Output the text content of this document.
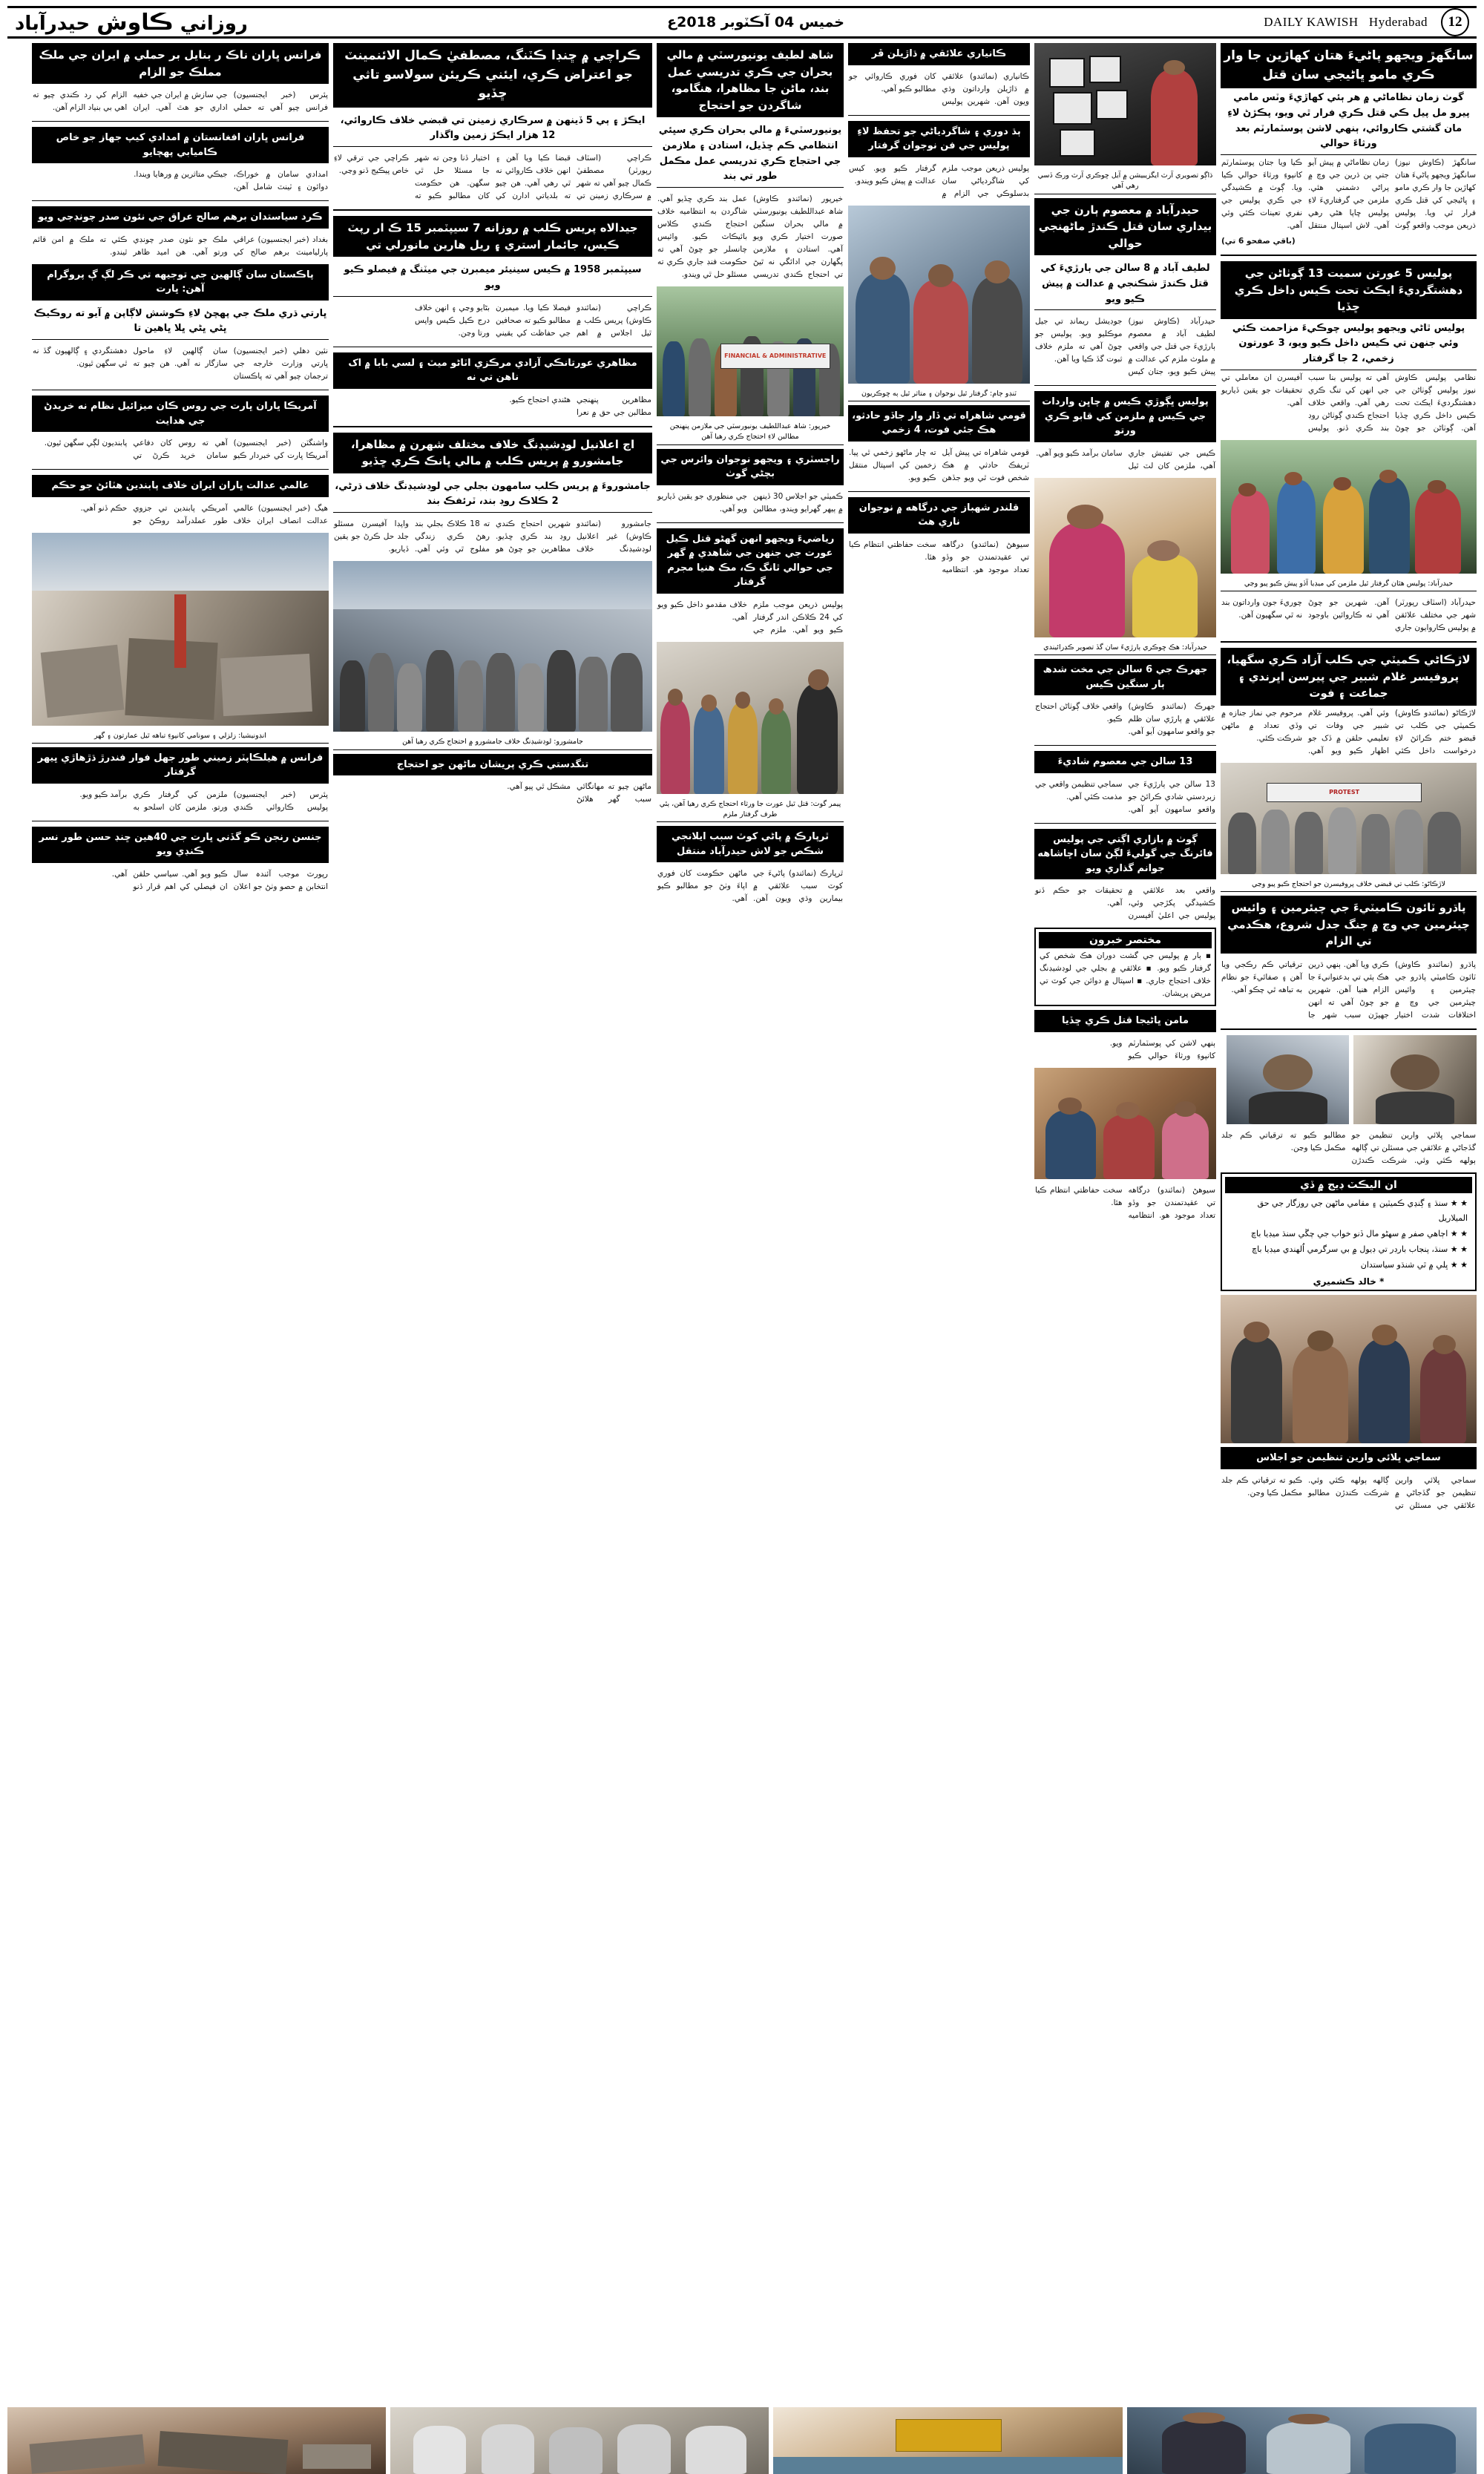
12
DAILY KAWISH Hyderabad
خميس 04 آڪٽوبر 2018ع
روزاني ڪاوش حيدرآباد
سانگهڙ ويجهو پاڻيءَ هتان کهاڙين جا وار ڪري مامو ڀاڻيجي سان قتل
گوٺ زمان نظاماڻي ۾ هر ٻئي کهاڙيءَ وٽس مامي پيرو مل پيل ڪي قتل ڪري فرار ٿي ويو، پڪڙڻ لاءِ مان گشتي ڪاروائي، ٻنهي لاشن پوسٽمارٽم بعد ورثاءَ حوالي
سانگهڙ (ڪاوش نيوز) سانگهڙ ويجهو پاڻيءَ هتان کهاڙين جا وار ڪري مامو ۽ ڀاڻيجي کي قتل ڪري فرار ٿي ويا. پوليس ذريعن موجب واقعو ڳوٺ زمان نظاماڻي ۾ پيش آيو جتي ٻن ڌرين جي وچ ۾ پراڻي دشمني هئي. ملزمن جي گرفتاريءَ لاءِ پوليس ڇاپا هڻي رهي آهي. لاش اسپتال منتقل ڪيا ويا جتان پوسٽمارٽم کانپوءِ ورثاءَ حوالي ڪيا ويا. ڳوٺ ۾ ڪشيدگي جي ڪري پوليس جي نفري تعينات ڪئي وئي آهي.
(باقي صفحو 6 تي)
پوليس 5 عورتن سميت 13 ڳوٺاڻن جي دهشتگرديءَ ايڪٽ تحت ڪيس داخل ڪري ڇڏيا
پوليس ٿاڻي ويجهو پوليس چوڪيءَ مزاحمت ڪئي وئي جنهن تي ڪيس داخل ڪيو ويو، 3 عورتون زخمي، 2 جا گرفتار
نظامي پوليس ڪاوش نيوز پوليس ڳوٺاڻن جي دهشتگرديءَ ايڪٽ تحت ڪيس داخل ڪري ڇڏيا آهن. ڳوٺاڻن جو چوڻ آهي ته پوليس بنا سبب جي انهن کي تنگ ڪري رهي آهي. واقعي خلاف احتجاج ڪندي ڳوٺاڻن روڊ بند ڪري ڏنو. پوليس آفيسرن ان معاملي تي تحقيقات جو يقين ڏياريو آهي.
حيدرآباد: پوليس هٿان گرفتار ٿيل ملزمن کي ميڊيا آڏو پيش ڪيو پيو وڃي
حيدرآباد (اسٽاف رپورٽر) شهر جي مختلف علائقن ۾ پوليس ڪاروايون جاري آهن. شهرين جو چوڻ آهي ته ڪاروائين باوجود چوريءَ جون وارداتون بند نه ٿي سگهيون آهن.
لاڙڪاڻي ڪميٽي جي ڪلب آزاد ڪري سگهيا، پروفيسر غلام شبير جي پيرسن اڀرندي ۽ جماعت ۽ فوت
لاڙڪاڻو (نمائندو ڪاوش) ڪميٽي جي ڪلب تي قبضو ختم ڪرائڻ لاءِ درخواست داخل ڪئي وئي آهي. پروفيسر غلام شبير جي وفات تي تعليمي حلقن ۾ ڏک جو اظهار ڪيو ويو آهي. مرحوم جي نماز جنازه ۾ وڏي تعداد ۾ ماڻهن شرڪت ڪئي.
PROTEST
لاڙڪاڻو: ڪلب تي قبضي خلاف پروفيسرن جو احتجاج ڪيو پيو وڃي
پاڌرو ٽائون ڪاميٽيءَ جي چيئرمين ۽ وائيس چيئرمين جي وچ ۾ جنگ جدل شروع، هڪدمي تي الزام
پاڌرو (نمائندو ڪاوش) ٽائون ڪاميٽي پاڌرو جي چيئرمين ۽ وائيس چيئرمين جي وچ ۾ اختلافات شدت اختيار ڪري ويا آهن. ٻنهي ڌرين هڪ ٻئي تي بدعنوانيءَ جا الزام هنيا آهن. شهرين جو چوڻ آهي ته انهن جھيڙن سبب شهر جا ترقياتي ڪم رڪجي ويا آهن ۽ صفائيءَ جو نظام به تباهه ٿي چڪو آهي.
سماجي ڀلائي وارين تنظيمن جو گڏجاڻي ۾ علائقي جي مسئلن تي ڳالهه ٻولهه ڪئي وئي. شرڪت ڪندڙن مطالبو ڪيو ته ترقياتي ڪم جلد مڪمل ڪيا وڃن.
ان اليڪٽ ڊيج ۾ ڏي
★ ★ سنڌ ۽ ڳنڍي ڪميٽين ۽ مقامي ماڻهن جي روزگار جي حق الميلاريل
★ ★ اڄاهي صفر ۾ سهڻو مال ڏنو خواب جي چڱي سنڌ ميڊيا باڇ
★ ★ سنڌ، پنجاب بارڊر تي ڊيول ۾ بي سرگرمي اُلهندي ميڊيا باڇ
★ ★ ڀلي ۾ ٿي شنڌو سياستدان
* خالد ڪشميري
سماجي ڀلائي وارين تنظيمن جو اجلاس
سماجي ڀلائي وارين تنظيمن جو گڏجاڻي ۾ علائقي جي مسئلن تي ڳالهه ٻولهه ڪئي وئي. شرڪت ڪندڙن مطالبو ڪيو ته ترقياتي ڪم جلد مڪمل ڪيا وڃن.
ڌاڳو تصويري آرٽ ايگزيبيشن ۾ آيل ڇوڪري آرٽ ورڪ ڏسي رهي آهي
حيدرآباد ۾ معصوم ٻارن جي بيداري سان قتل ڪندڙ ماڻهنجي حوالي
لطيف آباد ۾ 8 سالن جي ٻارڙيءَ کي قتل ڪندڙ شڪنجي ۾ عدالت ۾ پيش ڪيو ويو
حيدرآباد (ڪاوش نيوز) لطيف آباد ۾ معصوم ٻارڙيءَ جي قتل جي واقعي ۾ ملوث ملزم کي عدالت ۾ پيش ڪيو ويو، جتان کيس جوڊيشل ريمانڊ تي جيل موڪليو ويو. پوليس جو چوڻ آهي ته ملزم خلاف ثبوت گڏ ڪيا ويا آهن.
پوليس ڀڳوڙي ڪيس ۾ چاڀن واردات جي ڪيس ۾ ملزمن کي قابو ڪري ورتو
ڪيس جي تفتيش جاري آهي، ملزمن کان لٽ ٿيل سامان برآمد ڪيو ويو آهي.
حيدرآباد: هڪ ڇوڪري ٻارڙيءَ سان گڏ تصوير ڪڍرائيندي
جهرڪ جي 6 سالن جي مخت شدھ ٻار سنگين ڪيس
جهرڪ (نمائندو ڪاوش) علائقي ۾ ٻارڙي سان ظلم جو واقعو سامهون آيو آهي. واقعي خلاف ڳوٺاڻن احتجاج ڪيو.
13 سالن جي معصوم شاديءَ
13 سالن جي ٻارڙيءَ جي زبردستي شادي ڪرائڻ جو واقعو سامهون آيو آهي. سماجي تنظيمن واقعي جي مذمت ڪئي آهي.
ڳوٺ ۾ بازاري اڳتي جي پوليس فائرنگ جي گوليءَ لڳڻ سان اڇاشاهه جوانم گذاري ويو
واقعي بعد علائقي ۾ ڪشيدگي پکڙجي وئي، پوليس جي اعليٰ آفيسرن تحقيقات جو حڪم ڏنو آهي.
مختصر خبرون
▪ ٻار ۾ پوليس جي گشت دوران هڪ شخص کي گرفتار ڪيو ويو. ▪ علائقي ۾ بجلي جي لوڊشيڊنگ خلاف احتجاج جاري. ▪ اسپتال ۾ دوائن جي کوٽ تي مريض پريشان.
مامن ڀاڻيجا قتل ڪري ڇڏيا
ٻنهي لاشن کي پوسٽمارٽم کانپوءِ ورثاءَ حوالي ڪيو ويو.
سيوهڻ (نمائندو) درگاهه تي عقيدتمندن جو وڏو تعداد موجود هو. انتظاميه سخت حفاظتي انتظام ڪيا هئا.
ڪانياري علائقي ۾ ڌاڙيلن ڦر
ڪانياري (نمائندو) علائقي ۾ ڌاڙيلن وارداتون وڌي ويون آهن. شهرين پوليس کان فوري ڪاروائي جو مطالبو ڪيو آهي.
ٻڌ دوري ۽ شاگردياڻي جو تحفظ لاءِ پوليس جي فن نوجوان گرفتار
پوليس ذريعن موجب ملزم کي شاگردياڻي سان بدسلوڪي جي الزام ۾ گرفتار ڪيو ويو. کيس عدالت ۾ پيش ڪيو ويندو.
ٽنڊو ڄام: گرفتار ٿيل نوجوان ۽ متاثر ٿيل ٻه ڇوڪريون
قومي شاهراه تي ڏار وار جاڏو حادثو، هڪ جئي فوت، 4 زخمي
قومي شاهراه تي پيش آيل ٽريفڪ حادثي ۾ هڪ شخص فوت ٿي ويو جڏهن ته چار ماڻهو زخمي ٿي پيا. زخمين کي اسپتال منتقل ڪيو ويو.
قلندر شهباز جي درگاهه ۾ نوجوان ناري هٿ
سيوهڻ (نمائندو) درگاهه تي عقيدتمندن جو وڏو تعداد موجود هو. انتظاميه سخت حفاظتي انتظام ڪيا هئا.
شاھ لطيف يونيورسٽي ۾ مالي بحران جي ڪري تدريسي عمل بند، ماڻن جا مظاهرا، هنگامو، شاگردن جو احتجاج
يونيورسٽيءَ ۾ مالي بحران ڪري سڀئي انتظامي ڪم ڇڏيل، استادن ۽ ملازمن جي احتجاج ڪري تدريسي عمل مڪمل طور تي بند
خيرپور (نمائندو ڪاوش) شاھ عبداللطيف يونيورسٽي ۾ مالي بحران سنگين صورت اختيار ڪري ويو آهي. استادن ۽ ملازمن پگهارن جي ادائگي نه ٿيڻ تي احتجاج ڪندي تدريسي عمل بند ڪري ڇڏيو آهي. شاگردن به انتظاميه خلاف احتجاج ڪندي ڪلاس بائيڪاٽ ڪيو. وائيس چانسلر جو چوڻ آهي ته حڪومت فنڊ جاري ڪري ته مسئلو حل ٿي ويندو.
FINANCIAL & ADMINISTRATIVE
خيرپور: شاھ عبداللطيف يونيورسٽي جي ملازمن پنهنجن مطالبن لاءِ احتجاج ڪري رهيا آهن
راجسٽري ۽ ويجهو نوجوان وائرس جي بچڻي گوٺ
ڪميٽي جو اجلاس 30 ڏينهن ۾ ٻيهر گهرايو ويندو، مطالبن جي منظوري جو يقين ڏياريو ويو آهي.
رياضيءَ ويجهو انهن گهڻو قتل ڪيل عورت جي جنهن جي شاهدي ۾ گهر جي حوالي ٿانگ ڪ، مڪ هنيا مجرم گرفتار
پوليس ذريعن موجب ملزم کي 24 ڪلاڪن اندر گرفتار ڪيو ويو آهي. ملزم جي خلاف مقدمو داخل ڪيو ويو آهي.
پيمر گوٺ: قتل ٿيل عورت جا ورثاء احتجاج ڪري رهيا آهن، ٻئي طرف گرفتار ملزم
ٿرپارڪ ۾ پاڻي کوٽ سبب ايلانجي شڪص جو لاش حيدرآباد منتقل
ٿرپارڪ (نمائندو) پاڻيءَ جي کوٽ سبب علائقي ۾ بيمارين وڌي ويون آهن. ماڻهن حڪومت کان فوري اپاءَ وٺڻ جو مطالبو ڪيو آهي.
ڪراچي ۾ ڇنڊا ڪٽنگ، مصطفيٰ ڪمال الائنمينٽ جو اعتراض ڪري، ايئني ڪريئن سولاسو تاثي ڇڏيو
ايڪڙ ۽ ٻي 5 ڏينهن ۾ سرڪاري زمينن تي قبضي خلاف ڪاروائي، 12 هزار ايڪڙ زمين واگذار
ڪراچي (اسٽاف رپورٽر) مصطفيٰ ڪمال چيو آهي ته شهر ۾ سرڪاري زمينن تي قبضا ڪيا ويا آهن ۽ انهن خلاف ڪاروائي نه ٿي رهي آهي. هن چيو ته بلدياتي ادارن کي اختيار ڏنا وڃن ته شهر جا مسئلا حل ٿي سگهن. هن حڪومت کان مطالبو ڪيو ته ڪراچي جي ترقي لاءِ خاص پيڪيج ڏنو وڃي.
جيدالاه پريس ڪلب ۾ روزانه 7 سيپٽمبر 15 ڪ ار رپٽ ڪيس، جائمار استري ۽ ريل هارين مانورلي تي
سيپٽمبر 1958 ۾ ڪيس سينيئر ميمبرن جي ميٽنگ ۾ فيصلو ڪيو ويو
ڪراچي (نمائندو ڪاوش) پريس ڪلب ۾ ٿيل اجلاس ۾ اهم فيصلا ڪيا ويا. ميمبرن مطالبو ڪيو ته صحافين جي حفاظت کي يقيني بڻايو وڃي ۽ انهن خلاف درج ڪيل ڪيس واپس ورتا وڃن.
مظاهري عورتانڪي آزادي مرڪزي اٽاڻو ميٽ ۽ لسي بابا ۾ اک ناهن تي نه
مظاهرين پنهنجي مطالبن جي حق ۾ نعرا هڻندي احتجاج ڪيو.
اڄ اعلانيل لوڊشيڊنگ خلاف مختلف شهرن ۾ مظاهرا، جامشورو ۾ پريس ڪلب ۾ مالي ڀانڪ ڪري ڇڏيو
جامشوروءَ ۾ پريس ڪلب سامهون بجلي جي لوڊشيڊنگ خلاف ڌرڻي، 2 ڪلاڪ روڊ بند، ٽرئفڪ بند
جامشورو (نمائندو ڪاوش) غير اعلانيل لوڊشيڊنگ خلاف شهرين احتجاج ڪندي روڊ بند ڪري ڇڏيو. مظاهرين جو چوڻ هو ته 18 ڪلاڪ بجلي بند رهڻ ڪري زندگي مفلوج ٿي وئي آهي. واپڊا آفيسرن مسئلو جلد حل ڪرڻ جو يقين ڏياريو.
جامشورو: لوڊشيڊنگ خلاف جامشورو ۾ احتجاج ڪري رهيا آهن
تنگدستي ڪري پريشان ماڻهن جو احتجاج
ماڻهن چيو ته مهانگائي سبب گهر هلائڻ مشڪل ٿي پيو آهي.
فرانس ڀاران ناڪ ر بنايل بر حملي ۾ ايران جي ملڪ مملڪ جو الزام
پئرس (خبر ايجنسيون) فرانس چيو آهي ته حملي جي سازش ۾ ايران جي خفيه اداري جو هٿ آهي. ايران الزام کي رد ڪندي چيو ته اهي بي بنياد الزام آهن.
فرانس ڀاران افغانستان ۾ امدادي کيپ جهاز جو خاص ڪاميابي پهچايو
امدادي سامان ۾ خوراڪ، دوائون ۽ ٽينٽ شامل آهن، جيڪي متاثرين ۾ ورهايا ويندا.
ڪرد سياستدان برهم صالح عراق جي نئون صدر چونڊجي ويو
بغداد (خبر ايجنسيون) عراقي پارليامينٽ برهم صالح کي ملڪ جو نئون صدر چونڊي ورتو آهي. هن اميد ظاهر ڪئي ته ملڪ ۾ امن قائم ٿيندو.
پاڪستان سان ڳالهين جي توجيهه تي ڪر لڳ ڳ پروگرام آهن: ڀارت
ڀارتي ڌري ملڪ جي پهچڻ لاءِ ڪوشش لاڳاپن ۾ آيو ته روڪيڪ ڀڻي ڀڻي ڀلا ڀاهين تا
نئين دهلي (خبر ايجنسيون) ڀارتي وزارت خارجه جي ترجمان چيو آهي ته پاڪستان سان ڳالهين لاءِ ماحول سازگار نه آهي. هن چيو ته دهشتگردي ۽ ڳالهيون گڏ نه ٿي سگهن ٿيون.
آمريڪا ڀاران ڀارت جي روس ڪان ميزائيل نظام نه خريدڻ جي هدايت
واشنگٽن (خبر ايجنسيون) آمريڪا ڀارت کي خبردار ڪيو آهي ته روس کان دفاعي سامان خريد ڪرڻ تي پابنديون لڳي سگهن ٿيون.
عالمي عدالت ڀاران ايران خلاف پابندين هٽائڻ جو حڪم
هيگ (خبر ايجنسيون) عالمي عدالت انصاف ايران خلاف آمريڪي پابندين تي جزوي طور عملدرآمد روڪڻ جو حڪم ڏنو آهي.
انڊونيشيا: زلزلي ۽ سونامي کانپوءِ تباهه ٿيل عمارتون ۽ گهر
فرانس ۾ هيلڪاپٽر زميني طور جهل فوار فندرڙ ڌڙهاڙي ڀيهر گرفتار
پئرس (خبر ايجنسيون) پوليس ڪاروائي ڪندي ملزمن کي گرفتار ڪري ورتو. ملزمن کان اسلحو به برآمد ڪيو ويو.
جنسن رنجن ڪو گڏني ڀارت جي 40هين ڇنڊ حسن طور نسر ڪنڊي ويو
رپورٽ موجب آئندہ سال انتخابن ۾ حصو وٺڻ جو اعلان ڪيو ويو آهي. سياسي حلقن ان فيصلي کي اهم قرار ڏنو آهي.
